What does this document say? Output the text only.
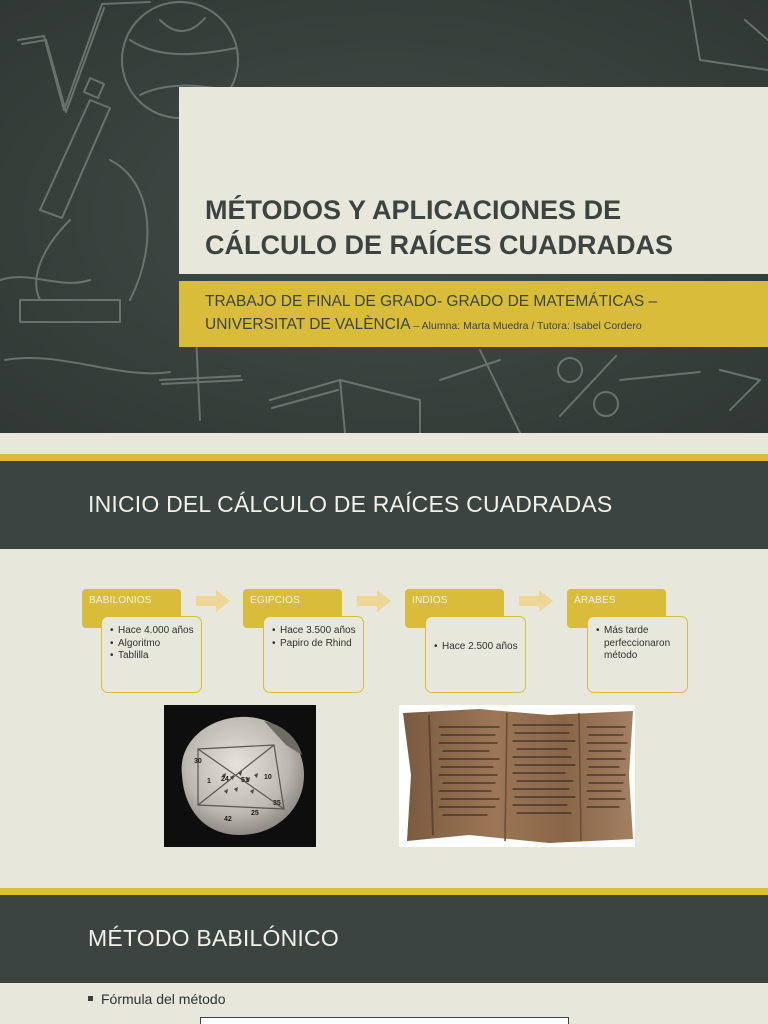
MÉTODOS Y APLICACIONES DE
CÁLCULO DE RAÍCES CUADRADAS
TRABAJO DE FINAL DE GRADO- GRADO DE MATEMÁTICAS –
UNIVERSITAT DE VALÈNCIA – Alumna: Marta Muedra / Tutora: Isabel Cordero
INICIO DEL CÁLCULO DE RAÍCES CUADRADAS
BABILONIOS
• Hace 4.000 años
• Algoritmo
• Tablilla
EGIPCIOS
• Hace 3.500 años
• Papiro de Rhind
INDIOS
• Hace 2.500 años
ÁRABES
• Más tarde perfeccionaron método
30
1 24 51 10
42
25
35
MÉTODO BABILÓNICO
Fórmula del método
